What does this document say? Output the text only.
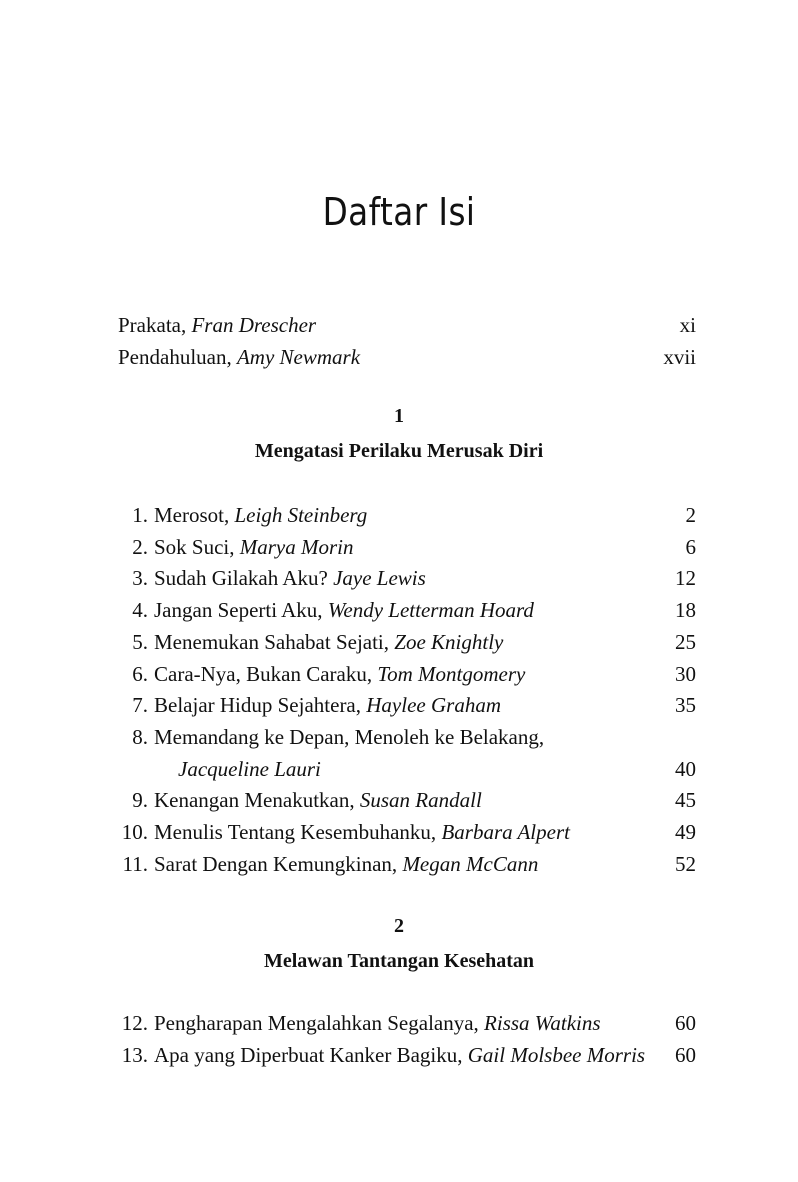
Daftar Isi
Prakata, Fran Drescher	xi
Pendahuluan, Amy Newmark	xvii
1
Mengatasi Perilaku Merusak Diri
1. Merosot, Leigh Steinberg	2
2. Sok Suci, Marya Morin	6
3. Sudah Gilakah Aku? Jaye Lewis	12
4. Jangan Seperti Aku, Wendy Letterman Hoard	18
5. Menemukan Sahabat Sejati, Zoe Knightly	25
6. Cara-Nya, Bukan Caraku, Tom Montgomery	30
7. Belajar Hidup Sejahtera, Haylee Graham	35
8. Memandang ke Depan, Menoleh ke Belakang,
Jacqueline Lauri	40
9. Kenangan Menakutkan, Susan Randall	45
10. Menulis Tentang Kesembuhanku, Barbara Alpert	49
11. Sarat Dengan Kemungkinan, Megan McCann	52
2
Melawan Tantangan Kesehatan
12. Pengharapan Mengalahkan Segalanya, Rissa Watkins	60
13. Apa yang Diperbuat Kanker Bagiku, Gail Molsbee Morris	60
